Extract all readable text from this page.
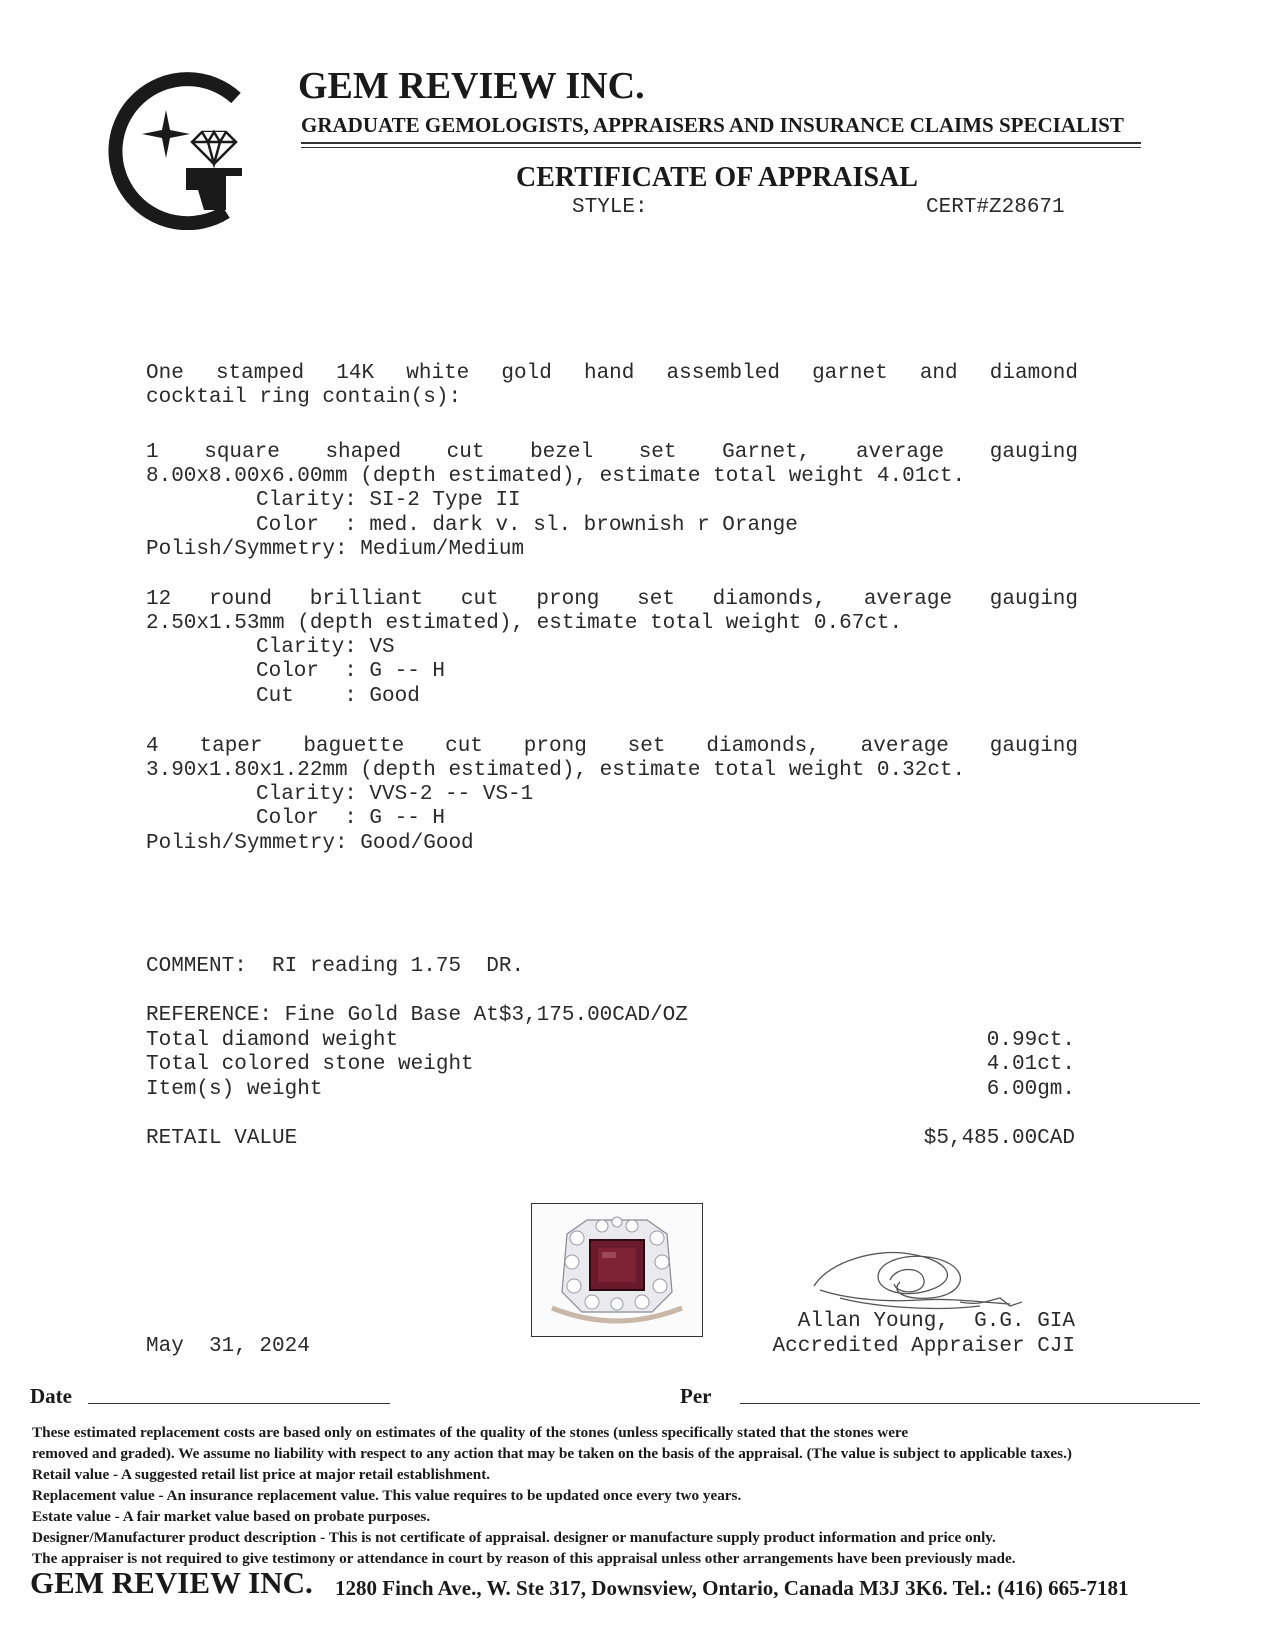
GEM REVIEW INC.
GRADUATE GEMOLOGISTS, APPRAISERS AND INSURANCE CLAIMS SPECIALIST
CERTIFICATE OF APPRAISAL
STYLE:	CERT#Z28671
One stamped 14K white gold hand assembled garnet and diamond
cocktail ring contain(s):
1 square shaped cut bezel set Garnet, average gauging
8.00x8.00x6.00mm (depth estimated), estimate total weight 4.01ct.
Clarity: SI-2 Type II
Color  : med. dark v. sl. brownish r Orange
Polish/Symmetry: Medium/Medium
12 round brilliant cut prong set diamonds, average gauging
2.50x1.53mm (depth estimated), estimate total weight 0.67ct.
Clarity: VS
Color  : G -- H
Cut    : Good
4 taper baguette cut prong set diamonds, average gauging
3.90x1.80x1.22mm (depth estimated), estimate total weight 0.32ct.
Clarity: VVS-2 -- VS-1
Color  : G -- H
Polish/Symmetry: Good/Good
COMMENT:  RI reading 1.75  DR.
REFERENCE: Fine Gold Base At$3,175.00CAD/OZ
Total diamond weight	0.99ct.
Total colored stone weight	4.01ct.
Item(s) weight	6.00gm.
RETAIL VALUE	$5,485.00CAD
Allan Young,  G.G. GIA
Accredited Appraiser CJI
May  31, 2024
Date	Per
These estimated replacement costs are based only on estimates of the quality of the stones (unless specifically stated that the stones were
removed and graded). We assume no liability with respect to any action that may be taken on the basis of the appraisal. (The value is subject to applicable taxes.)
Retail value - A suggested retail list price at major retail establishment.
Replacement value - An insurance replacement value. This value requires to be updated once every two years.
Estate value - A fair market value based on probate purposes.
Designer/Manufacturer product description - This is not certificate of appraisal. designer or manufacture supply product information and price only.
The appraiser is not required to give testimony or attendance in court by reason of this appraisal unless other arrangements have been previously made.
GEM REVIEW INC. 1280 Finch Ave., W. Ste 317, Downsview, Ontario, Canada M3J 3K6. Tel.: (416) 665-7181
